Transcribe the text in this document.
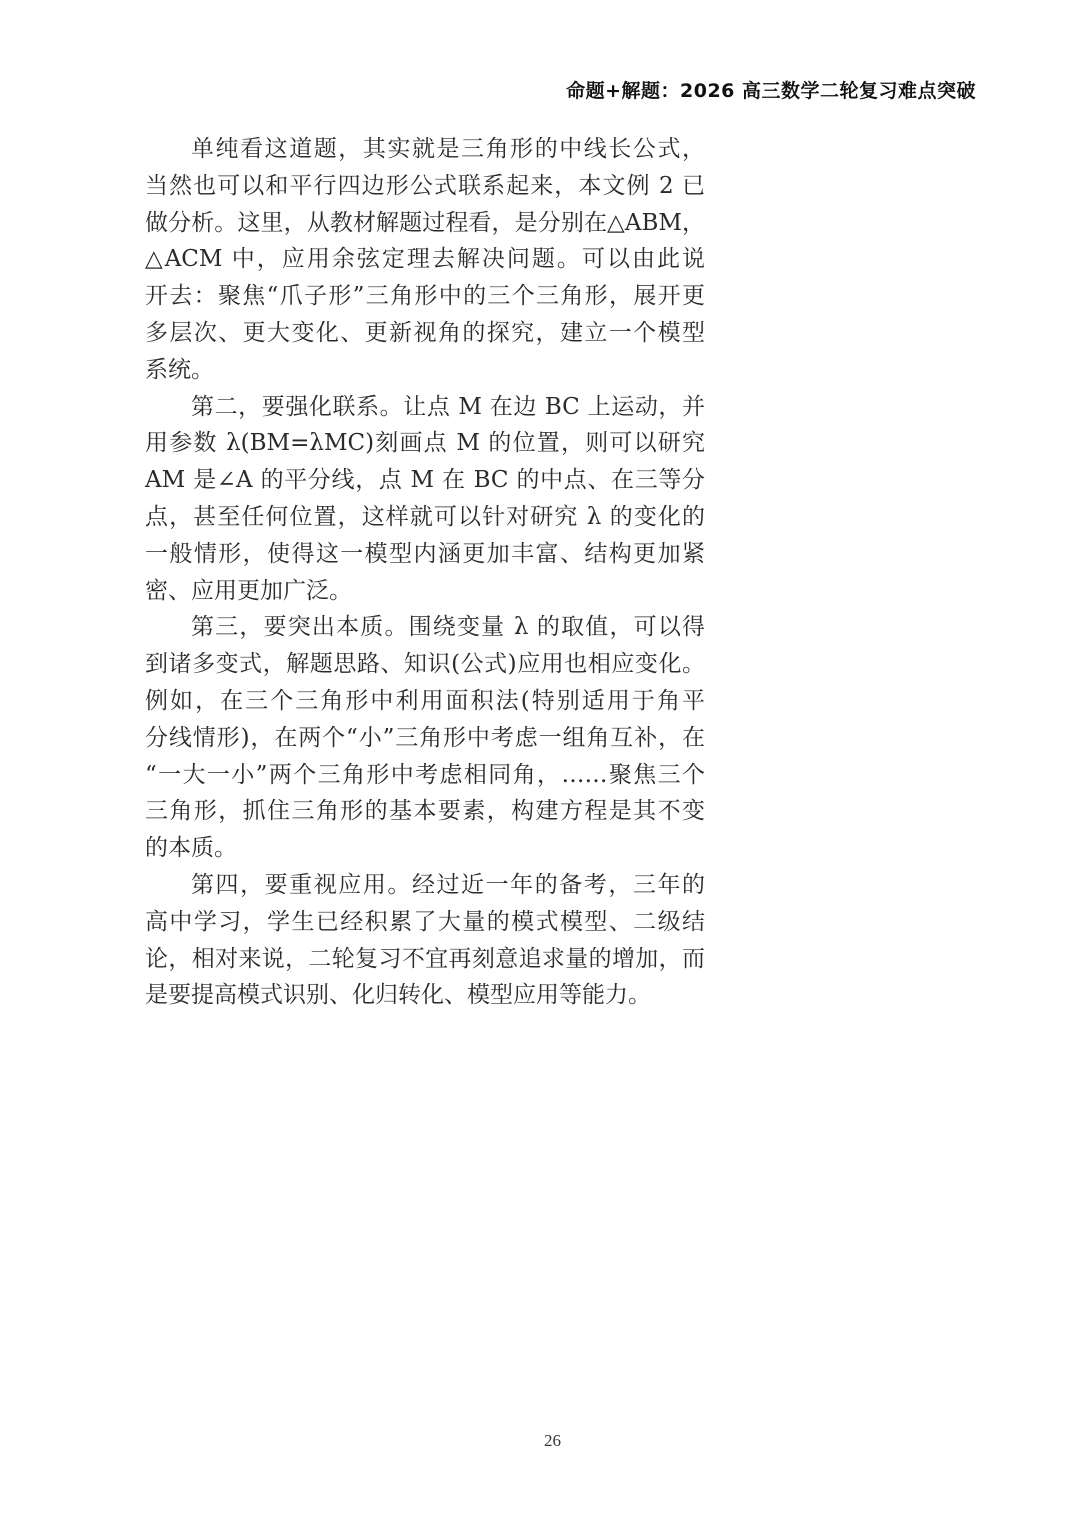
命题+解题：2026 高三数学二轮复习难点突破
单纯看这道题，其实就是三角形的中线长公式，
当然也可以和平行四边形公式联系起来，本文例 2 已
做分析。这里，从教材解题过程看，是分别在△ABM，
△ACM 中，应用余弦定理去解决问题。可以由此说
开去：聚焦“爪子形”三角形中的三个三角形，展开更
多层次、更大变化、更新视角的探究，建立一个模型
系统。
第二，要强化联系。让点 M 在边 BC 上运动，并
用参数 λ(BM=λMC)刻画点 M 的位置，则可以研究
AM 是∠A 的平分线，点 M 在 BC 的中点、在三等分
点，甚至任何位置，这样就可以针对研究 λ 的变化的
一般情形，使得这一模型内涵更加丰富、结构更加紧
密、应用更加广泛。
第三，要突出本质。围绕变量 λ 的取值，可以得
到诸多变式，解题思路、知识(公式)应用也相应变化。
例如，在三个三角形中利用面积法(特别适用于角平
分线情形)，在两个“小”三角形中考虑一组角互补，在
“一大一小”两个三角形中考虑相同角，……聚焦三个
三角形，抓住三角形的基本要素，构建方程是其不变
的本质。
第四，要重视应用。经过近一年的备考，三年的
高中学习，学生已经积累了大量的模式模型、二级结
论，相对来说，二轮复习不宜再刻意追求量的增加，而
是要提高模式识别、化归转化、模型应用等能力。
26
